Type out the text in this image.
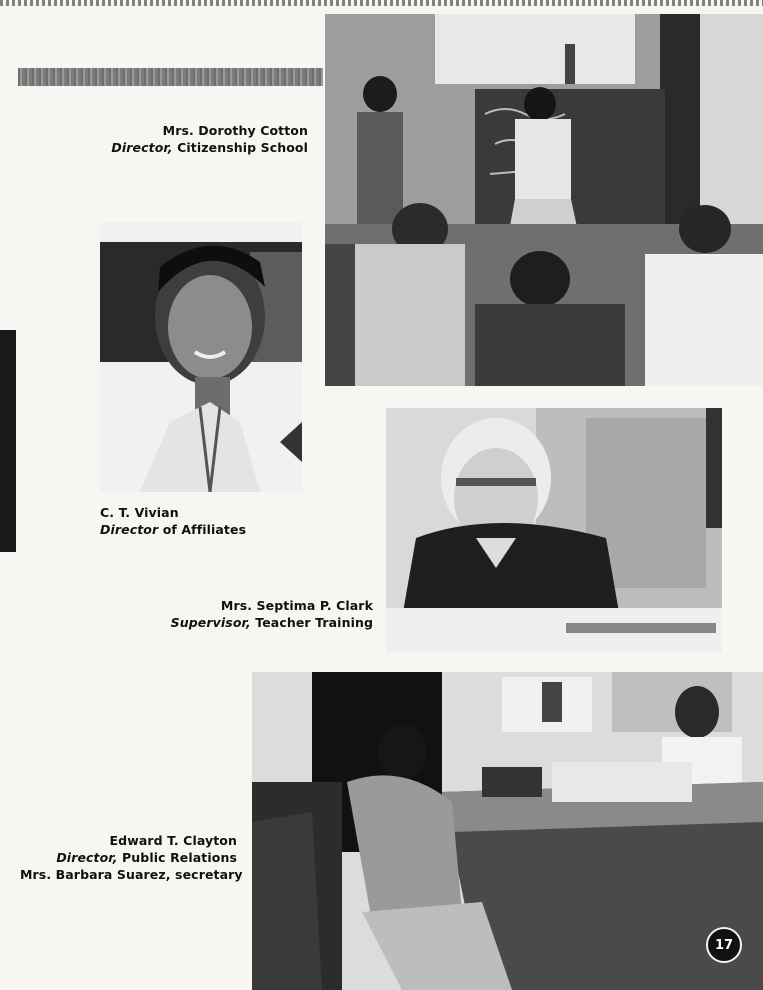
Mrs. Dorothy Cotton
Director, Citizenship School
C. T. Vivian
Director of Affiliates
Mrs. Septima P. Clark
Supervisor, Teacher Training
Edward T. Clayton
Director, Public Relations
Mrs. Barbara Suarez, secretary
17
